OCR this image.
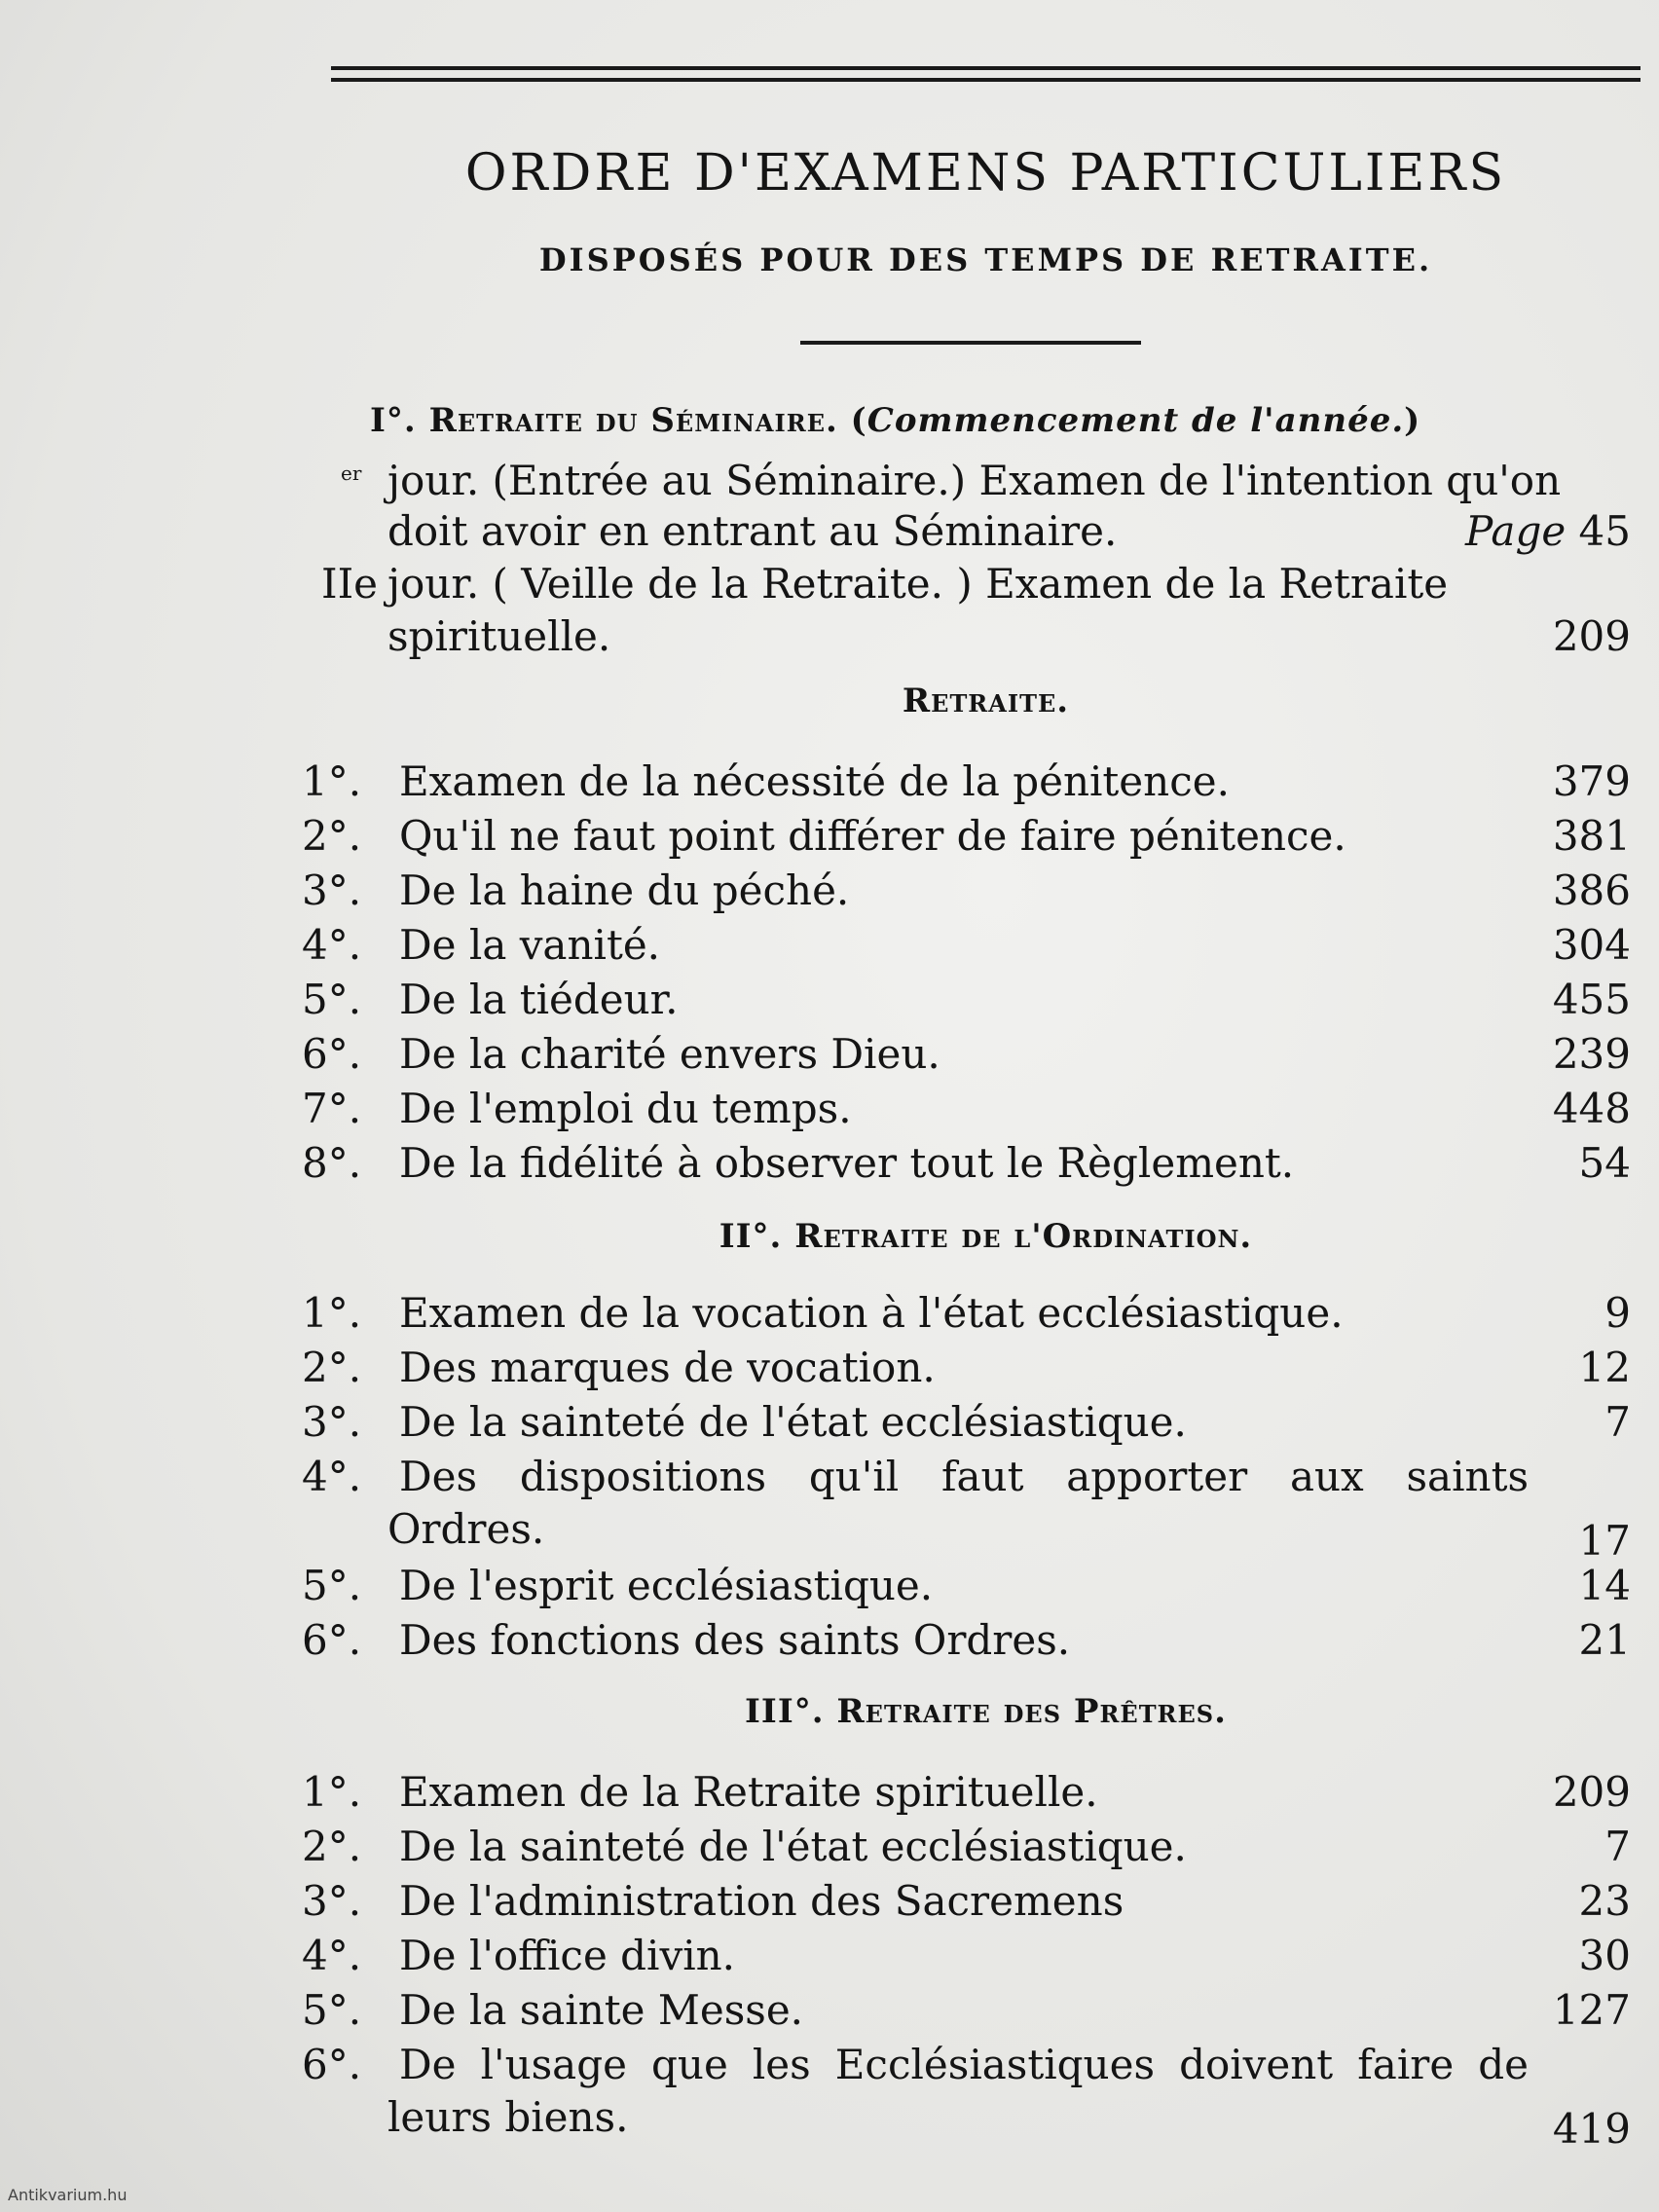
ORDRE D'EXAMENS PARTICULIERS
DISPOSÉS POUR DES TEMPS DE RETRAITE.
I°. Retraite du Séminaire. (Commencement de l'année.)
er jour. (Entrée au Séminaire.) Examen de l'intention qu'on
doit avoir en entrant au Séminaire.	Page 45
IIe jour. ( Veille de la Retraite. ) Examen de la Retraite
spirituelle.	209
Retraite.
1°. Examen de la nécessité de la pénitence.	379
2°. Qu'il ne faut point différer de faire pénitence.	381
3°. De la haine du péché.	386
4°. De la vanité.	304
5°. De la tiédeur.	455
6°. De la charité envers Dieu.	239
7°. De l'emploi du temps.	448
8°. De la fidélité à observer tout le Règlement.	54
II°. Retraite de l'Ordination.
1°. Examen de la vocation à l'état ecclésiastique.	9
2°. Des marques de vocation.	12
3°. De la sainteté de l'état ecclésiastique.	7
4°. Des dispositions qu'il faut apporter aux saints
Ordres.	17
5°. De l'esprit ecclésiastique.	14
6°. Des fonctions des saints Ordres.	21
III°. Retraite des Prêtres.
1°. Examen de la Retraite spirituelle.	209
2°. De la sainteté de l'état ecclésiastique.	7
3°. De l'administration des Sacremens	23
4°. De l'office divin.	30
5°. De la sainte Messe.	127
6°. De l'usage que les Ecclésiastiques doivent faire de
leurs biens.	419
Antikvarium.hu
